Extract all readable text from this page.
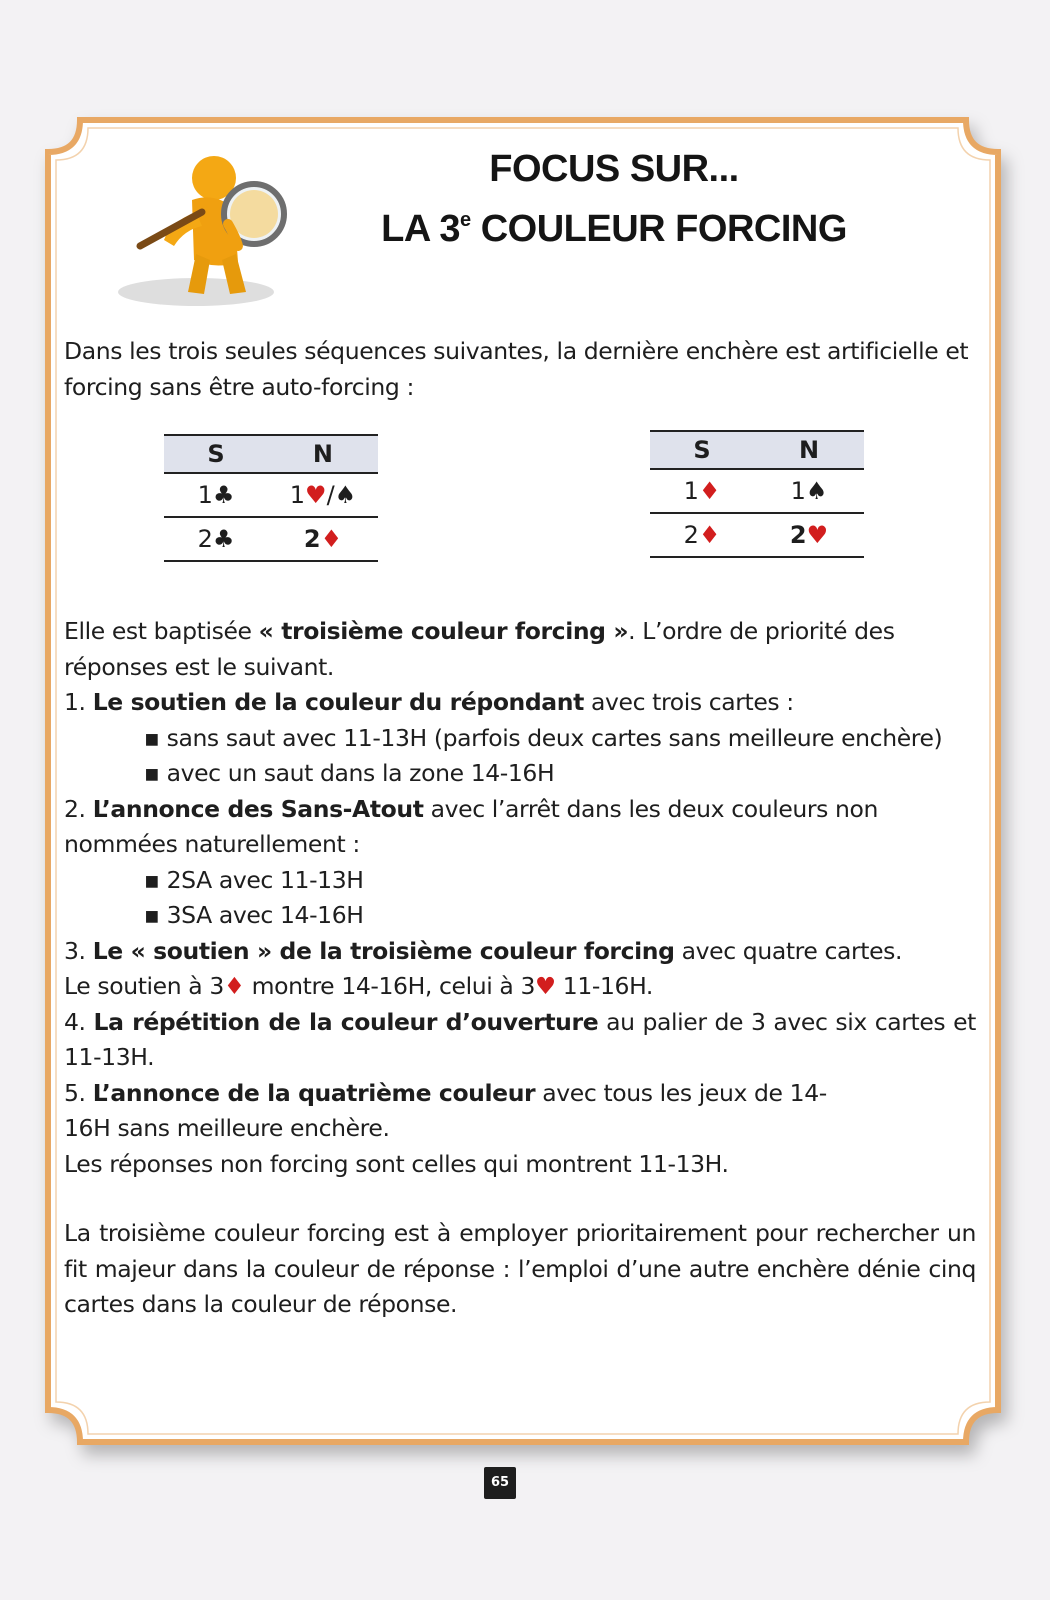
FOCUS SUR...
LA 3e COULEUR FORCING
Dans les trois seules séquences suivantes, la dernière enchère est artificielle et forcing sans être auto-forcing :
S	N
1♣	1♥/♠
2♣	2♦
S	N
1♦	1♠
2♦	2♥

Elle est baptisée « troisième couleur forcing ». L’ordre de priorité des réponses est le suivant.

1. Le soutien de la couleur du répondant avec trois cartes :

▪ sans saut avec 11-13H (parfois deux cartes sans meilleure enchère)

▪ avec un saut dans la zone 14-16H

2. L’annonce des Sans-Atout avec l’arrêt dans les deux couleurs non nommées naturellement :

▪ 2SA avec 11-13H

▪ 3SA avec 14-16H

3. Le « soutien » de la troisième couleur forcing avec quatre cartes.

Le soutien à 3♦ montre 14-16H, celui à 3♥ 11-16H.

4. La répétition de la couleur d’ouverture au palier de 3 avec six cartes et 11-13H.

5. L’annonce de la quatrième couleur avec tous les jeux de 14-16H sans meilleure enchère.

Les réponses non forcing sont celles qui montrent 11-13H.

La troisième couleur forcing est à employer prioritairement pour rechercher un fit majeur dans la couleur de réponse : l’emploi d’une autre enchère dénie cinq cartes dans la couleur de réponse.

65
